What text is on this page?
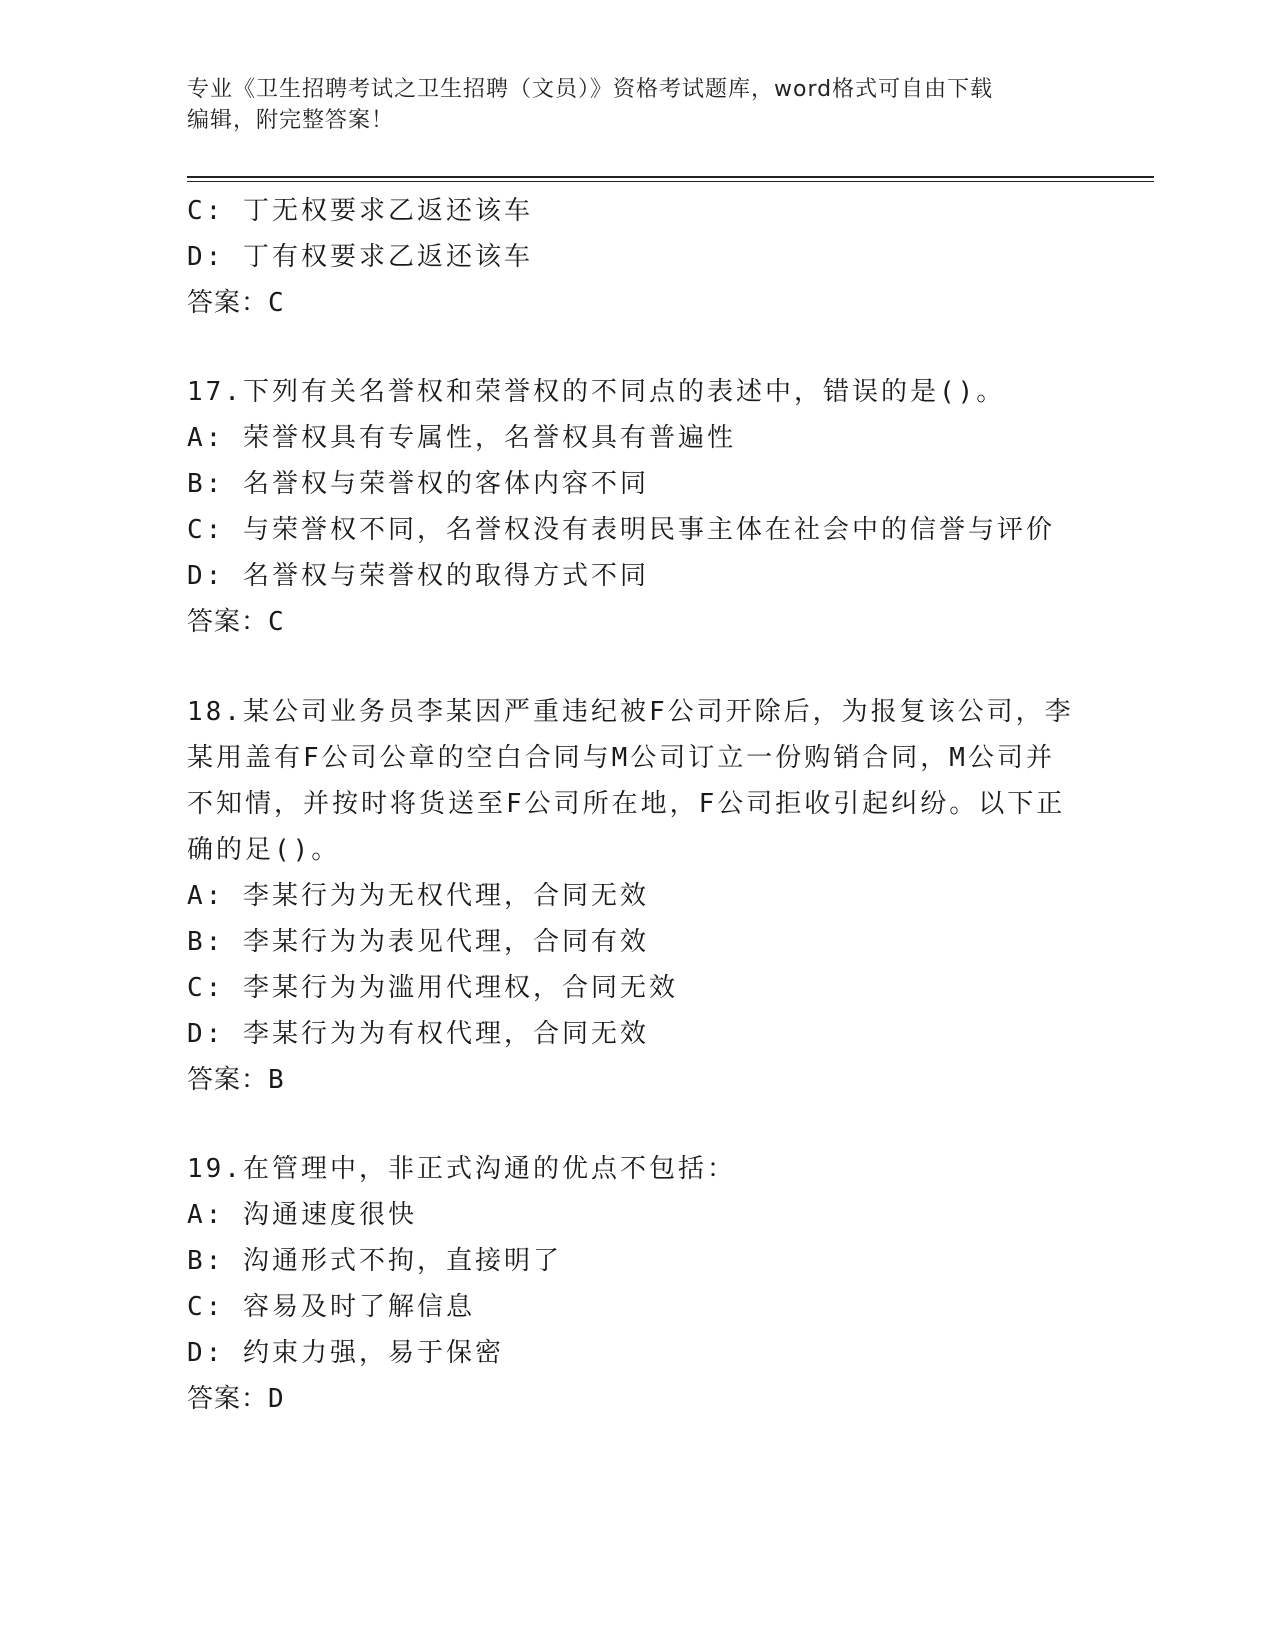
专业《卫生招聘考试之卫生招聘（文员）》资格考试题库，word格式可自由下载
编辑，附完整答案！
C: 丁无权要求乙返还该车
D: 丁有权要求乙返还该车
答案：C
17.下列有关名誉权和荣誉权的不同点的表述中，错误的是()。
A: 荣誉权具有专属性，名誉权具有普遍性
B: 名誉权与荣誉权的客体内容不同
C: 与荣誉权不同，名誉权没有表明民事主体在社会中的信誉与评价
D: 名誉权与荣誉权的取得方式不同
答案：C
18.某公司业务员李某因严重违纪被F公司开除后，为报复该公司，李
某用盖有F公司公章的空白合同与M公司订立一份购销合同，M公司并
不知情，并按时将货送至F公司所在地，F公司拒收引起纠纷。以下正
确的足()。
A: 李某行为为无权代理，合同无效
B: 李某行为为表见代理，合同有效
C: 李某行为为滥用代理权，合同无效
D: 李某行为为有权代理，合同无效
答案：B
19.在管理中，非正式沟通的优点不包括：
A: 沟通速度很快
B: 沟通形式不拘，直接明了
C: 容易及时了解信息
D: 约束力强，易于保密
答案：D
